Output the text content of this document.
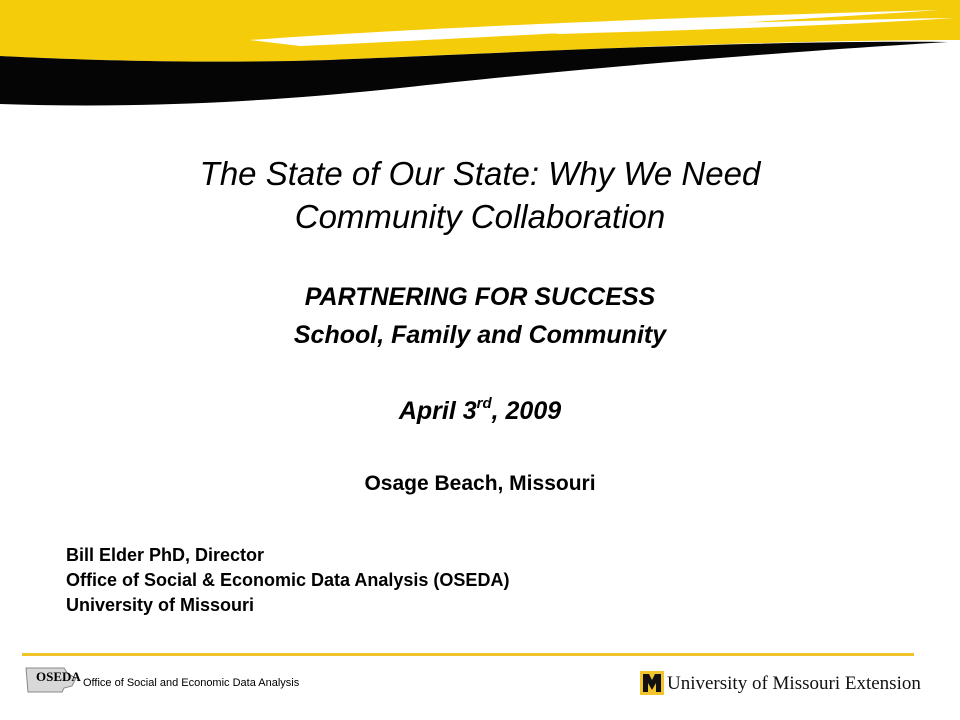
The State of Our State: Why We Need
Community Collaboration
PARTNERING FOR SUCCESS
School, Family and Community
April 3rd, 2009
Osage Beach, Missouri
Bill Elder PhD, Director
Office of Social & Economic Data Analysis (OSEDA)
University of Missouri
OSEDA Office of Social and Economic Data Analysis	University of Missouri Extension
